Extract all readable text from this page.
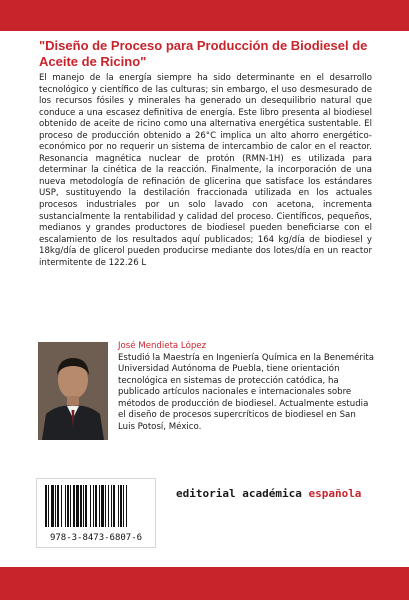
"Diseño de Proceso para Producción de Biodiesel de Aceite de Ricino"

El manejo de la energía siempre ha sido determinante en el desarrollo tecnológico y científico de las culturas; sin embargo, el uso desmesurado de los recursos fósiles y minerales ha generado un desequilibrio natural que conduce a una escasez definitiva de energía. Este libro presenta al biodiesel obtenido de aceite de ricino como una alternativa energética sustentable. El proceso de producción obtenido a 26°C implica un alto ahorro energético-económico por no requerir un sistema de intercambio de calor en el reactor. Resonancia magnética nuclear de protón (RMN-1H) es utilizada para determinar la cinética de la reacción. Finalmente, la incorporación de una nueva metodología de refinación de glicerina que satisface los estándares USP, sustituyendo la destilación fraccionada utilizada en los actuales procesos industriales por un solo lavado con acetona, incrementa sustancialmente la rentabilidad y calidad del proceso. Científicos, pequeños, medianos y grandes productores de biodiesel pueden beneficiarse con el escalamiento de los resultados aquí publicados; 164 kg/día de biodiesel y 18kg/día de glicerol pueden producirse mediante dos lotes/día en un reactor intermitente de 122.26 L

José Mendieta López

Estudió la Maestría en Ingeniería Química en la Benemérita Universidad Autónoma de Puebla, tiene orientación tecnológica en sistemas de protección catódica, ha publicado artículos nacionales e internacionales sobre métodos de producción de biodiesel. Actualmente estudia el diseño de procesos supercríticos de biodiesel en San Luis Potosí, México.

editorial académica española
978-3-8473-6807-6
